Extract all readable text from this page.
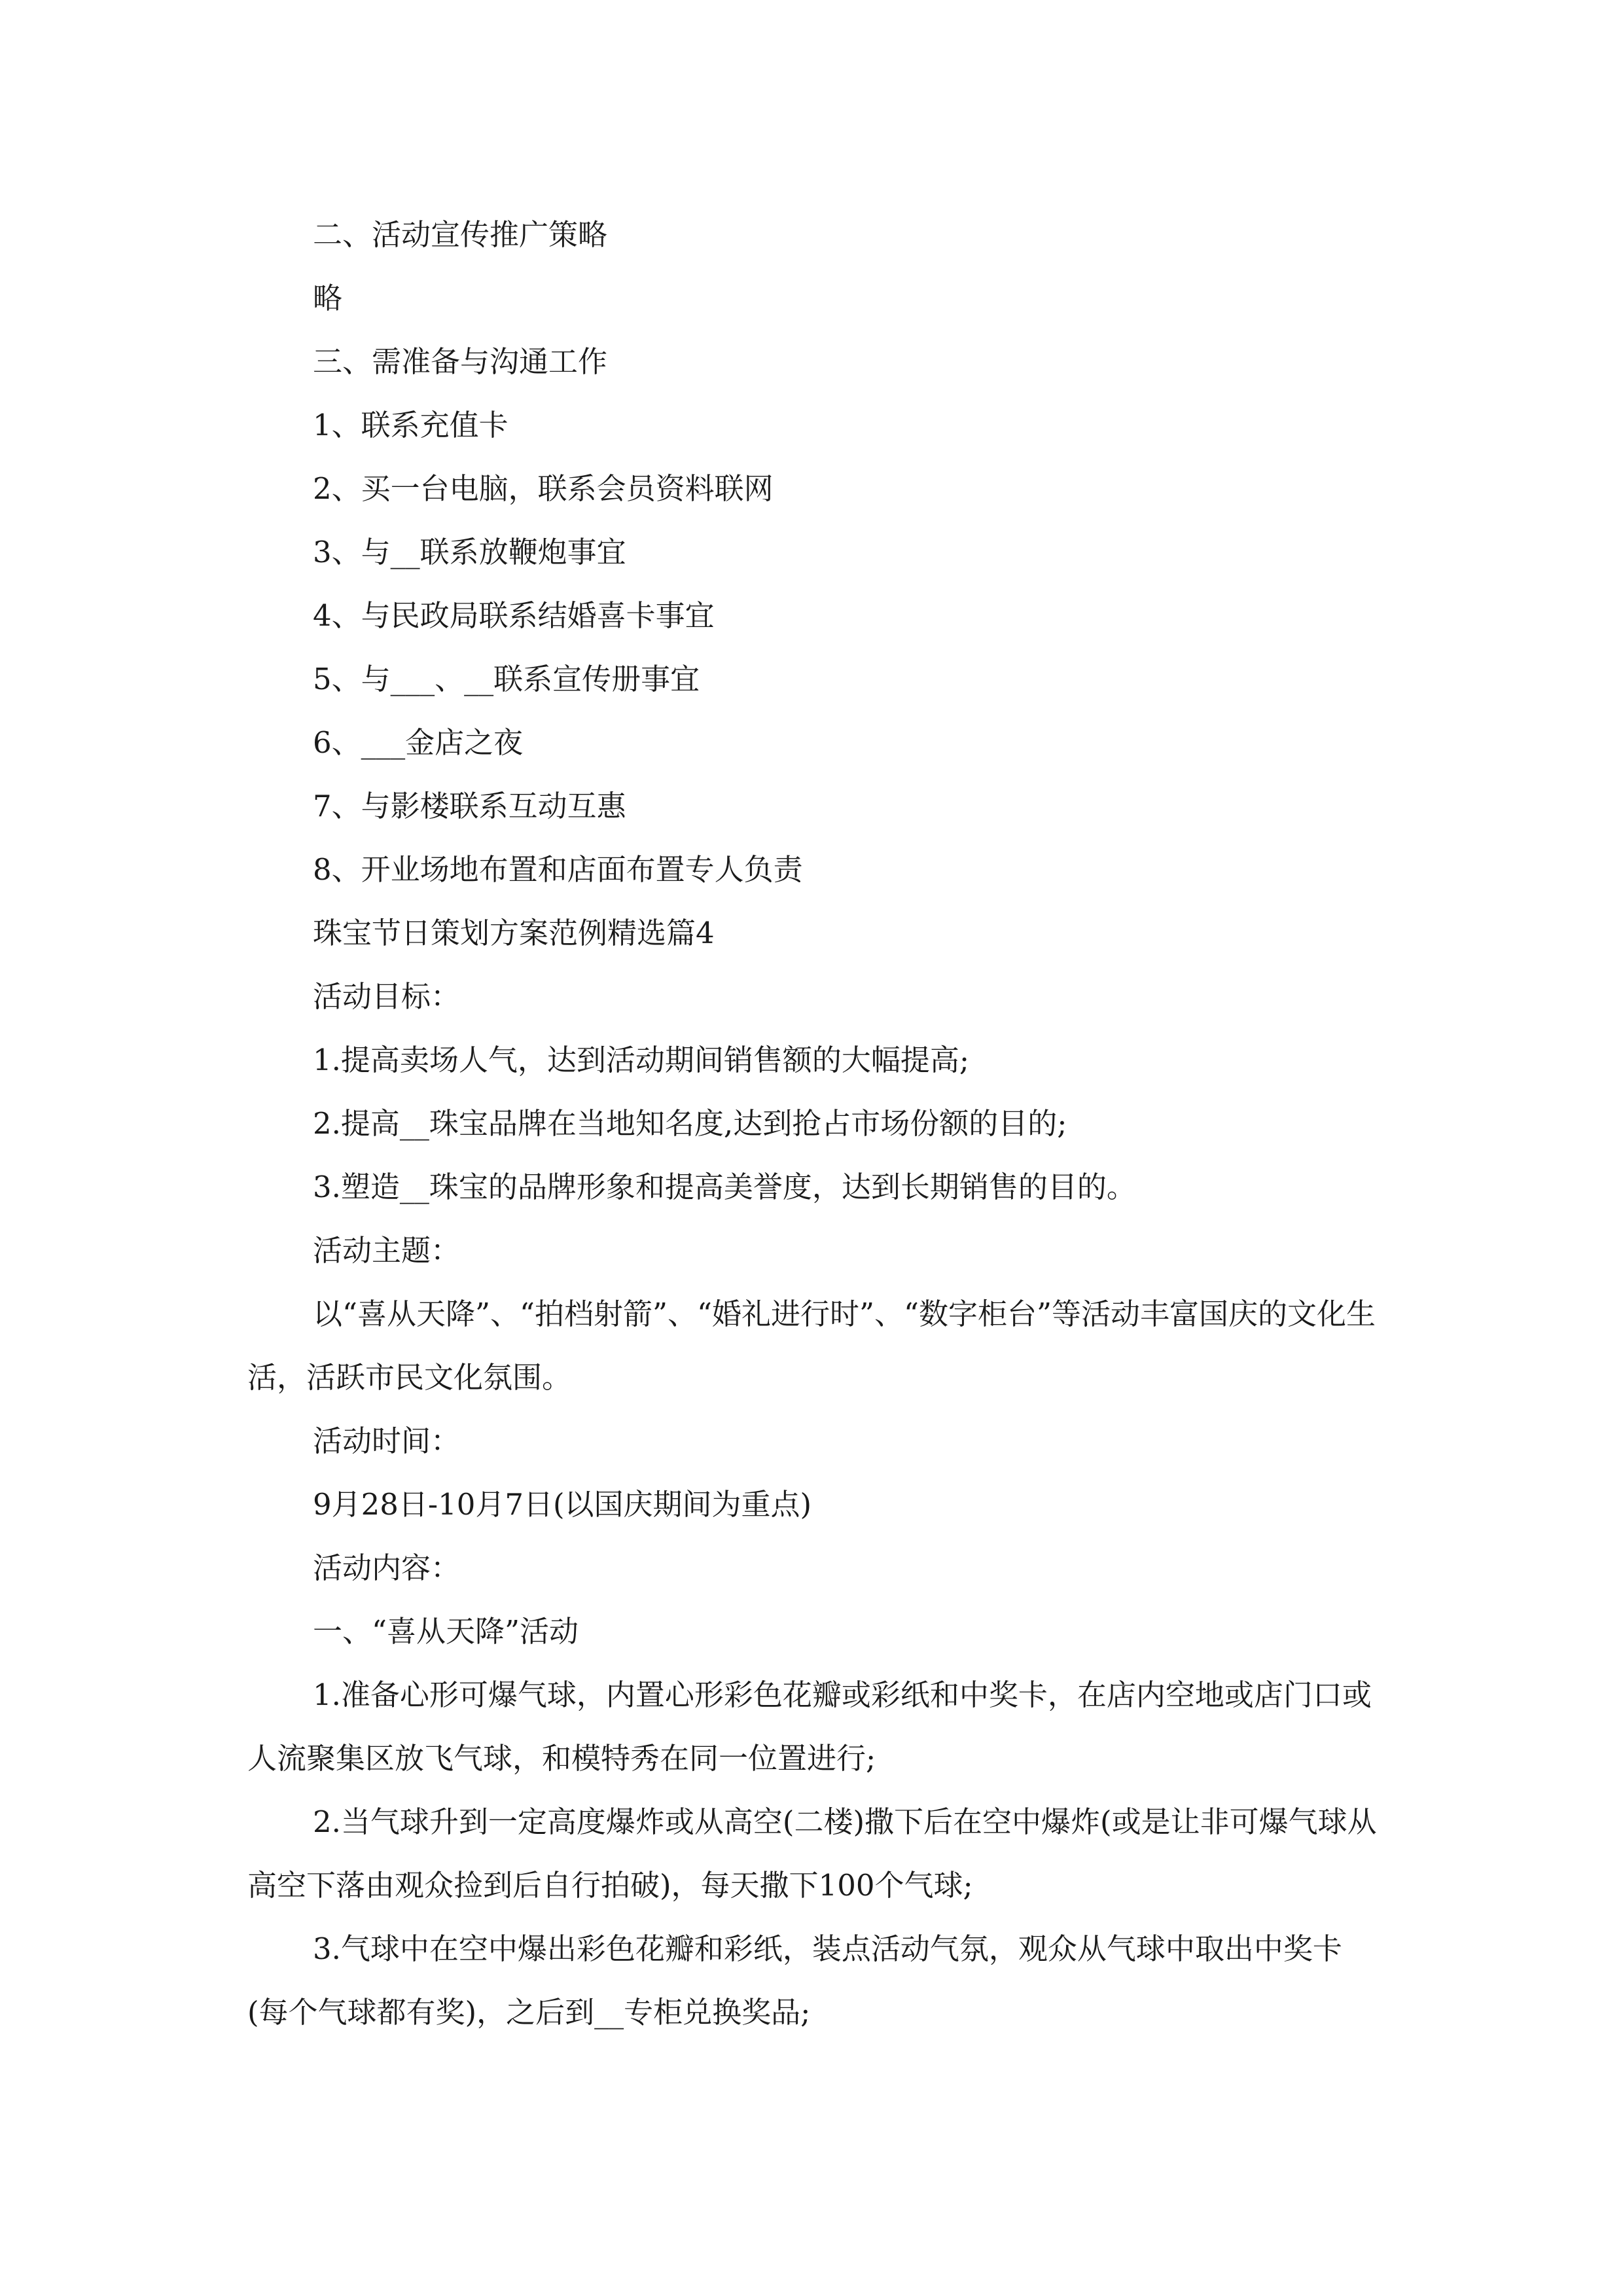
二、活动宣传推广策略

略

三、需准备与沟通工作

1、联系充值卡

2、买一台电脑，联系会员资料联网

3、与__联系放鞭炮事宜

4、与民政局联系结婚喜卡事宜

5、与___、__联系宣传册事宜

6、___金店之夜

7、与影楼联系互动互惠

8、开业场地布置和店面布置专人负责

珠宝节日策划方案范例精选篇4

活动目标：

1.提高卖场人气，达到活动期间销售额的大幅提高;

2.提高__珠宝品牌在当地知名度,达到抢占市场份额的目的;

3.塑造__珠宝的品牌形象和提高美誉度，达到长期销售的目的。

活动主题：

以“喜从天降”、“拍档射箭”、“婚礼进行时”、“数字柜台”等活动丰富国庆的文化生活，活跃市民文化氛围。

活动时间：

9月28日-10月7日(以国庆期间为重点)

活动内容：

一、“喜从天降”活动

1.准备心形可爆气球，内置心形彩色花瓣或彩纸和中奖卡，在店内空地或店门口或人流聚集区放飞气球，和模特秀在同一位置进行;

2.当气球升到一定高度爆炸或从高空(二楼)撒下后在空中爆炸(或是让非可爆气球从高空下落由观众捡到后自行拍破)，每天撒下100个气球;

3.气球中在空中爆出彩色花瓣和彩纸，装点活动气氛，观众从气球中取出中奖卡(每个气球都有奖)，之后到__专柜兑换奖品;
